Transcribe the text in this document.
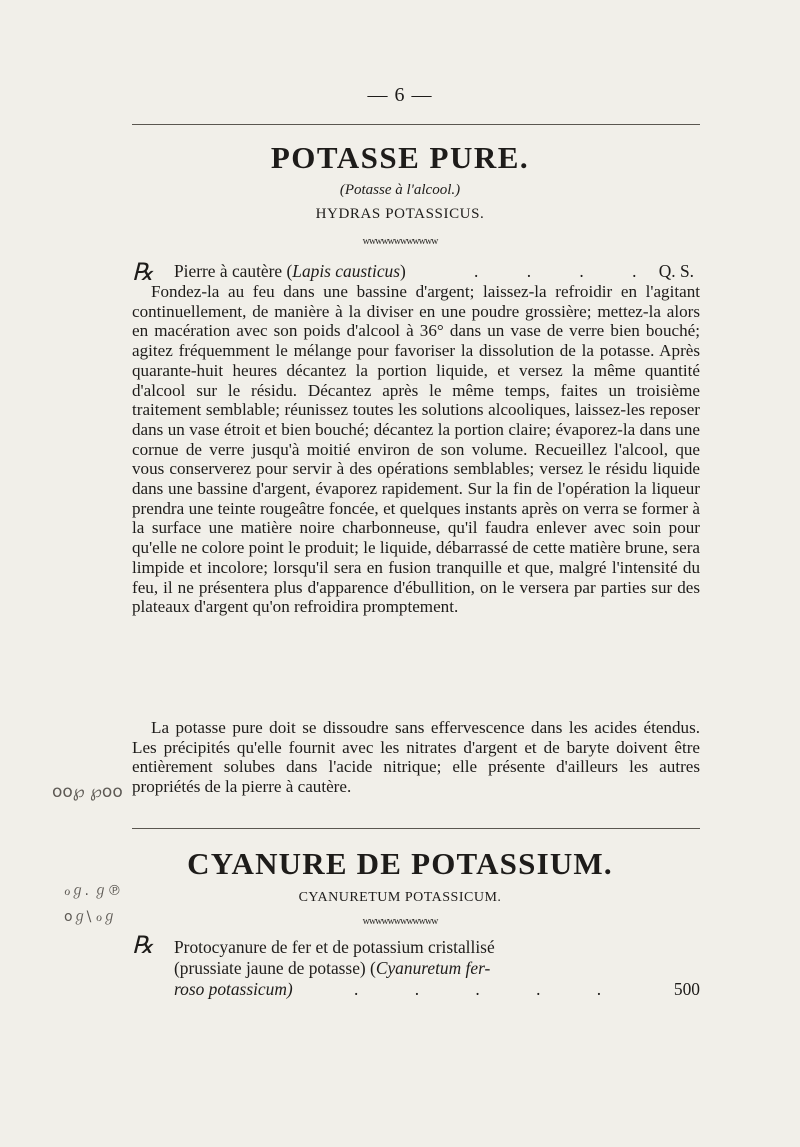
— 6 —
POTASSE PURE.
(Potasse à l'alcool.)
HYDRAS POTASSICUS.
wwwwwwwwwwww
℞ Pierre à cautère (Lapis causticus)	. . . . Q. S.

Fondez-la au feu dans une bassine d'argent; laissez-la refroidir en l'agitant continuellement, de manière à la diviser en une poudre grossière; mettez-la alors en macération avec son poids d'alcool à 36° dans un vase de verre bien bouché; agitez fréquemment le mélange pour favoriser la dissolution de la potasse. Après quarante-huit heures décantez la portion liquide, et versez la même quantité d'alcool sur le résidu. Décantez après le même temps, faites un troisième traitement semblable; réunissez toutes les solutions alcooliques, laissez-les reposer dans un vase étroit et bien bouché; décantez la portion claire; évaporez-la dans une cornue de verre jusqu'à moitié environ de son volume. Recueillez l'alcool, que vous conserverez pour servir à des opérations semblables; versez le résidu liquide dans une bassine d'argent, évaporez rapidement. Sur la fin de l'opération la liqueur prendra une teinte rougeâtre foncée, et quelques instants après on verra se former à la surface une matière noire charbonneuse, qu'il faudra enlever avec soin pour qu'elle ne colore point le produit; le liquide, débarrassé de cette matière brune, sera limpide et incolore; lorsqu'il sera en fusion tranquille et que, malgré l'intensité du feu, il ne présentera plus d'apparence d'ébullition, on le versera par parties sur des plateaux d'argent qu'on refroidira promptement.

La potasse pure doit se dissoudre sans effervescence dans les acides étendus. Les précipités qu'elle fournit avec les nitrates d'argent et de baryte doivent être entièrement solubes dans l'acide nitrique; elle présente d'ailleurs les autres propriétés de la pierre à cautère.

CYANURE DE POTASSIUM.
CYANURETUM POTASSICUM.
wwwwwwwwwwww
℞ Protocyanure de fer et de potassium cristallisé
(prussiate jaune de potasse) (Cyanuretum fer-
roso potassicum)	. . . . .	500
oo℘ ℘oo
ℴℊ. ℊ℗
oℊ\ ℴℊ
